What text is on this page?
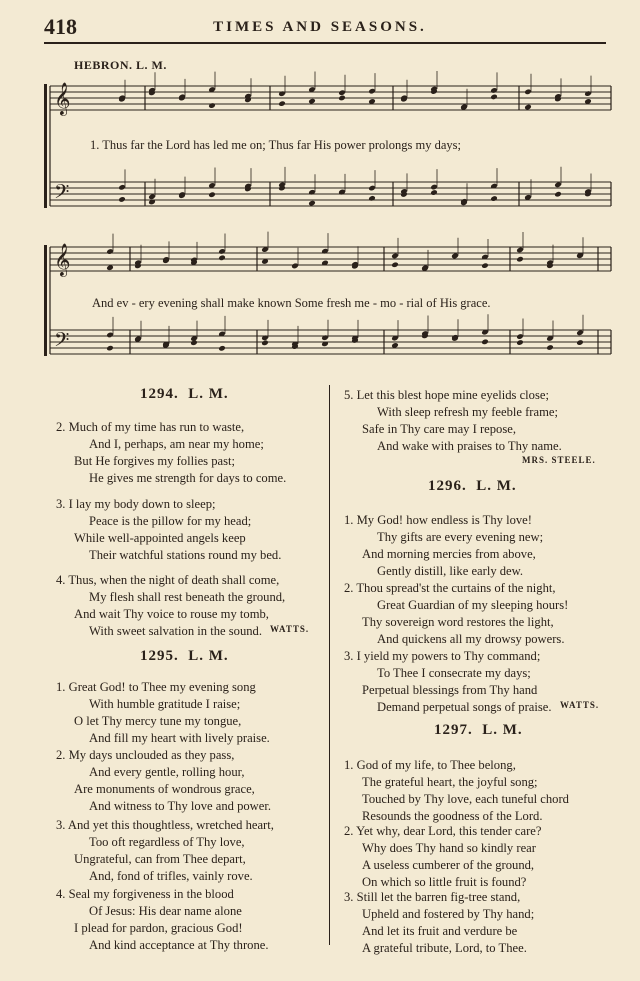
418	TIMES AND SEASONS.
HEBRON. L. M.
𝄞
𝄢
𝄞
𝄢
1. Thus far the Lord has led me on; Thus far His power prolongs my days;
And ev - ery evening shall make known Some fresh me - mo - rial of His grace.
1294. L. M.
2. Much of my time has run to waste,
And I, perhaps, am near my home;
But He forgives my follies past;
He gives me strength for days to come.
3. I lay my body down to sleep;
Peace is the pillow for my head;
While well-appointed angels keep
Their watchful stations round my bed.
4. Thus, when the night of death shall come,
My flesh shall rest beneath the ground,
And wait Thy voice to rouse my tomb,
With sweet salvation in the sound. WATTS.
1295. L. M.
1. Great God! to Thee my evening song
With humble gratitude I raise;
O let Thy mercy tune my tongue,
And fill my heart with lively praise.
2. My days unclouded as they pass,
And every gentle, rolling hour,
Are monuments of wondrous grace,
And witness to Thy love and power.
3. And yet this thoughtless, wretched heart,
Too oft regardless of Thy love,
Ungrateful, can from Thee depart,
And, fond of trifles, vainly rove.
4. Seal my forgiveness in the blood
Of Jesus: His dear name alone
I plead for pardon, gracious God!
And kind acceptance at Thy throne.
5. Let this blest hope mine eyelids close;
With sleep refresh my feeble frame;
Safe in Thy care may I repose,
And wake with praises to Thy name.
MRS. STEELE.
1296. L. M.
1. My God! how endless is Thy love!
Thy gifts are every evening new;
And morning mercies from above,
Gently distill, like early dew.
2. Thou spread'st the curtains of the night,
Great Guardian of my sleeping hours!
Thy sovereign word restores the light,
And quickens all my drowsy powers.
3. I yield my powers to Thy command;
To Thee I consecrate my days;
Perpetual blessings from Thy hand
Demand perpetual songs of praise. WATTS.
1297. L. M.
1. God of my life, to Thee belong,
The grateful heart, the joyful song;
Touched by Thy love, each tuneful chord
Resounds the goodness of the Lord.
2. Yet why, dear Lord, this tender care?
Why does Thy hand so kindly rear
A useless cumberer of the ground,
On which so little fruit is found?
3. Still let the barren fig-tree stand,
Upheld and fostered by Thy hand;
And let its fruit and verdure be
A grateful tribute, Lord, to Thee.
